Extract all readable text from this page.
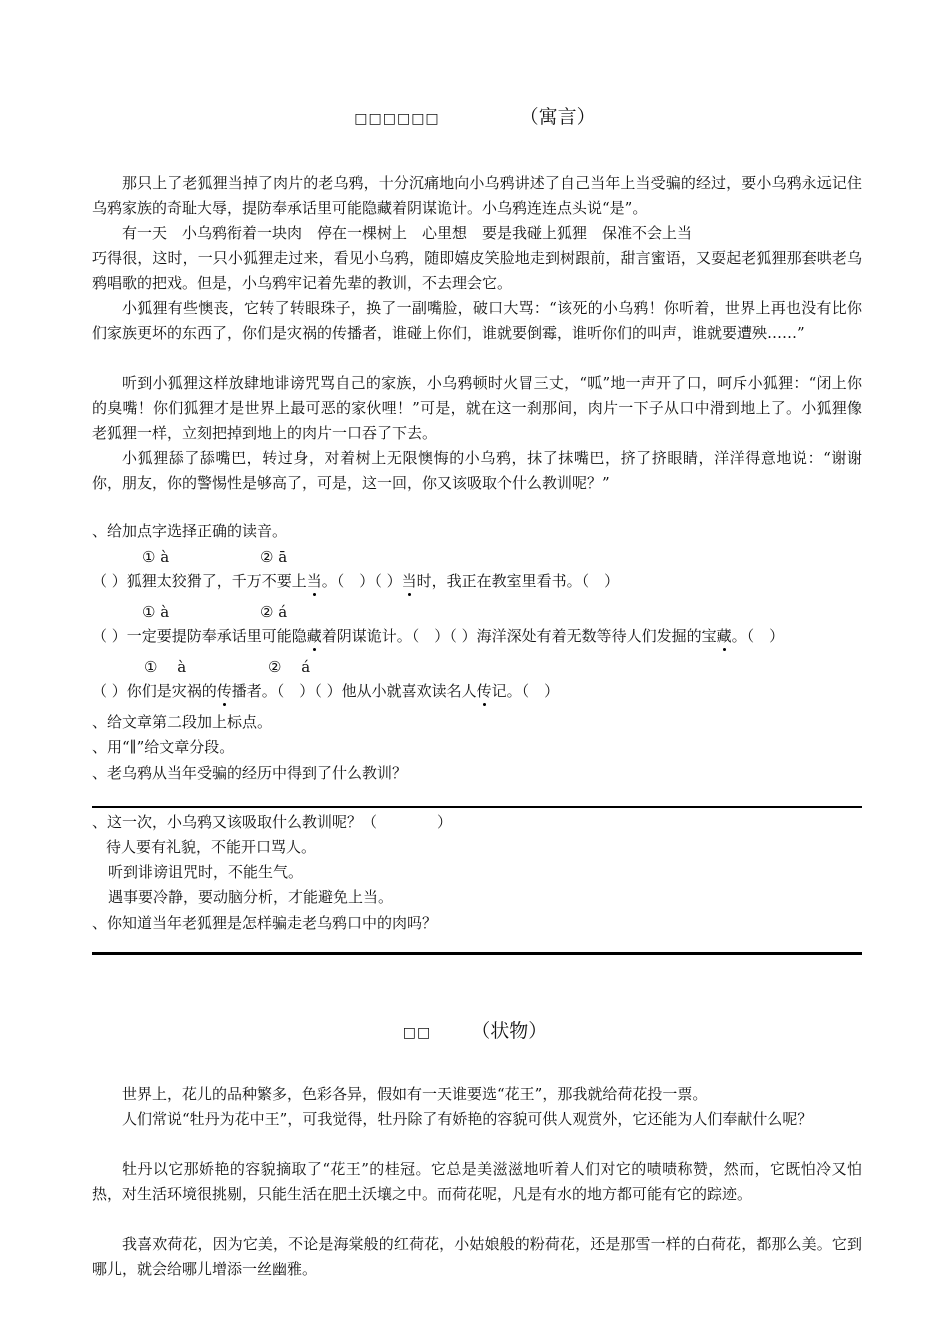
□□□□□□	（寓言）

那只上了老狐狸当掉了肉片的老乌鸦，十分沉痛地向小乌鸦讲述了自己当年上当受骗的经过，要小乌鸦永远记住乌鸦家族的奇耻大辱，提防奉承话里可能隐藏着阴谋诡计。小乌鸦连连点头说“是”。

有一天　小乌鸦衔着一块肉　停在一棵树上　心里想　要是我碰上狐狸　保准不会上当

巧得很，这时，一只小狐狸走过来，看见小乌鸦，随即嬉皮笑脸地走到树跟前，甜言蜜语，又耍起老狐狸那套哄老乌鸦唱歌的把戏。但是，小乌鸦牢记着先辈的教训，不去理会它。

小狐狸有些懊丧，它转了转眼珠子，换了一副嘴脸，破口大骂：“该死的小乌鸦！你听着，世界上再也没有比你们家族更坏的东西了，你们是灾祸的传播者，谁碰上你们，谁就要倒霉，谁听你们的叫声，谁就要遭殃……”

听到小狐狸这样放肆地诽谤咒骂自己的家族，小乌鸦顿时火冒三丈，“呱”地一声开了口，呵斥小狐狸：“闭上你的臭嘴！你们狐狸才是世界上最可恶的家伙哩！”可是，就在这一刹那间，肉片一下子从口中滑到地上了。小狐狸像老狐狸一样，立刻把掉到地上的肉片一口吞了下去。

小狐狸舔了舔嘴巴，转过身，对着树上无限懊悔的小乌鸦，抹了抹嘴巴，挤了挤眼睛，洋洋得意地说：“谢谢你，朋友，你的警惕性是够高了，可是，这一回，你又该吸取个什么教训呢？”

、给加点字选择正确的读音。
① à	② ā
（ ）狐狸太狡猾了，千万不要上当。（　）（ ）当时，我正在教室里看书。（　）
① à	② á
（ ）一定要提防奉承话里可能隐藏着阴谋诡计。（　）（ ）海洋深处有着无数等待人们发掘的宝藏。（　）
①　 à	②　 á
（ ）你们是灾祸的传播者。（　）（ ）他从小就喜欢读名人传记。（　）
、给文章第二段加上标点。
、用“∥”给文章分段。
、老乌鸦从当年受骗的经历中得到了什么教训？
、这一次，小乌鸦又该吸取什么教训呢？（　　　　）
待人要有礼貌，不能开口骂人。
听到诽谤诅咒时，不能生气。
遇事要冷静，要动脑分析，才能避免上当。
、你知道当年老狐狸是怎样骗走老乌鸦口中的肉吗？
□□ （状物）

世界上，花儿的品种繁多，色彩各异，假如有一天谁要选“花王”，那我就给荷花投一票。

人们常说“牡丹为花中王”，可我觉得，牡丹除了有娇艳的容貌可供人观赏外，它还能为人们奉献什么呢？

牡丹以它那娇艳的容貌摘取了“花王”的桂冠。它总是美滋滋地听着人们对它的啧啧称赞，然而，它既怕冷又怕热，对生活环境很挑剔，只能生活在肥土沃壤之中。而荷花呢，凡是有水的地方都可能有它的踪迹。

我喜欢荷花，因为它美，不论是海棠般的红荷花，小姑娘般的粉荷花，还是那雪一样的白荷花，都那么美。它到哪儿，就会给哪儿增添一丝幽雅。
